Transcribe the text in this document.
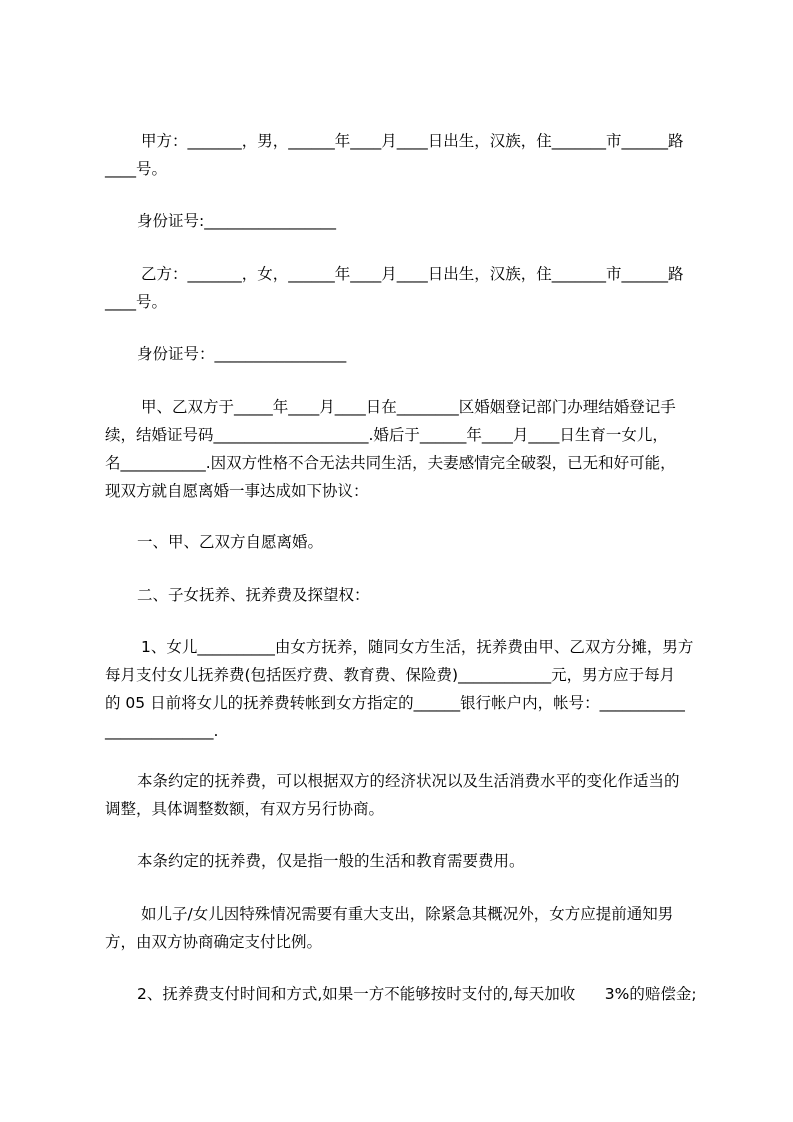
甲方：_______，男，______年____月____日出生，汉族，住_______市______路
____号。
身份证号:_________________
乙方：_______，女，______年____月____日出生，汉族，住_______市______路
____号。
身份证号：_________________
甲、乙双方于_____年____月____日在________区婚姻登记部门办理结婚登记手
续，结婚证号码____________________.婚后于______年____月____日生育一女儿，
名___________.因双方性格不合无法共同生活，夫妻感情完全破裂，已无和好可能，
现双方就自愿离婚一事达成如下协议：
一、甲、乙双方自愿离婚。
二、子女抚养、抚养费及探望权：
1、女儿__________由女方抚养，随同女方生活，抚养费由甲、乙双方分摊，男方
每月支付女儿抚养费(包括医疗费、教育费、保险费)____________元，男方应于每月
的 05 日前将女儿的抚养费转帐到女方指定的______银行帐户内，帐号：___________
______________.
本条约定的抚养费，可以根据双方的经济状况以及生活消费水平的变化作适当的
调整，具体调整数额，有双方另行协商。
本条约定的抚养费，仅是指一般的生活和教育需要费用。
如儿子/女儿因特殊情况需要有重大支出，除紧急其概况外，女方应提前通知男
方，由双方协商确定支付比例。
2、抚养费支付时间和方式,如果一方不能够按时支付的,每天加收      3%的赔偿金;
